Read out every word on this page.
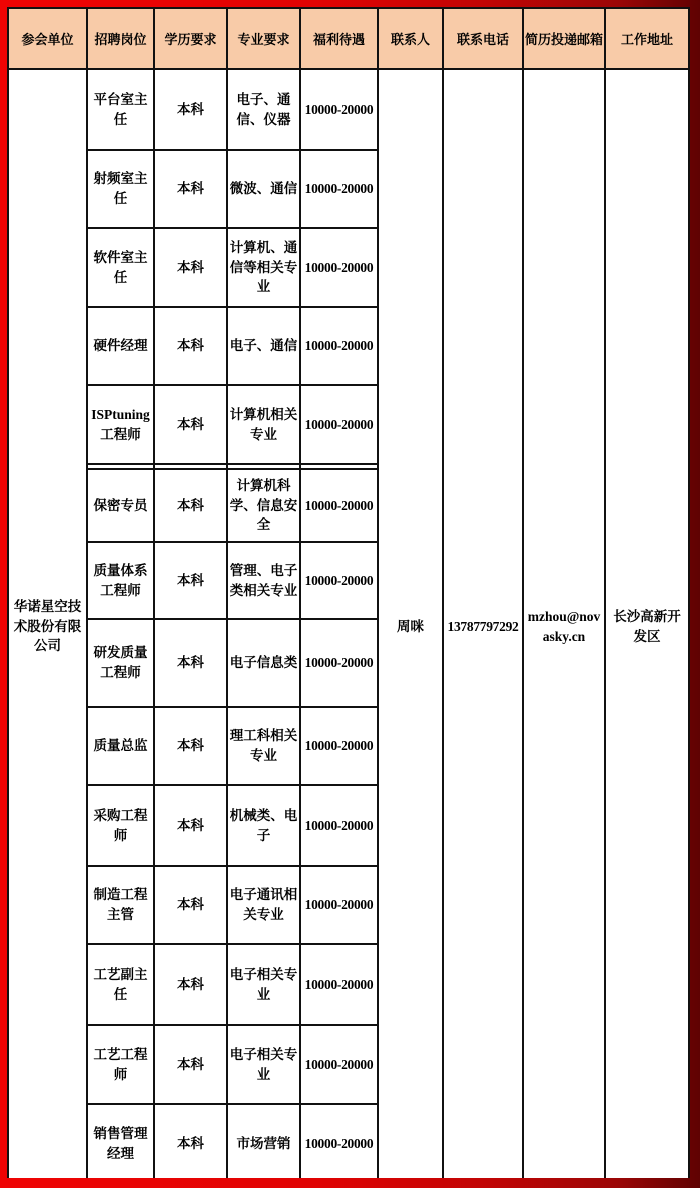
参会单位	招聘岗位	学历要求	专业要求	福利待遇	联系人	联系电话	简历投递邮箱	工作地址
华诺星空技术股份有限公司	平台室主任	本科	电子、通信、仪器	10000-20000	周咪	13787797292	mzhou@novasky.cn	长沙高新开发区
	射频室主任	本科	微波、通信	10000-20000				
	软件室主任	本科	计算机、通信等相关专业	10000-20000				
	硬件经理	本科	电子、通信	10000-20000				
	ISPtuning工程师	本科	计算机相关专业	10000-20000				

	保密专员	本科	计算机科学、信息安全	10000-20000				
	质量体系工程师	本科	管理、电子类相关专业	10000-20000				
	研发质量工程师	本科	电子信息类	10000-20000				
	质量总监	本科	理工科相关专业	10000-20000				
	采购工程师	本科	机械类、电子	10000-20000				
	制造工程主管	本科	电子通讯相关专业	10000-20000				
	工艺副主任	本科	电子相关专业	10000-20000				
	工艺工程师	本科	电子相关专业	10000-20000				
	销售管理经理	本科	市场营销	10000-20000				
